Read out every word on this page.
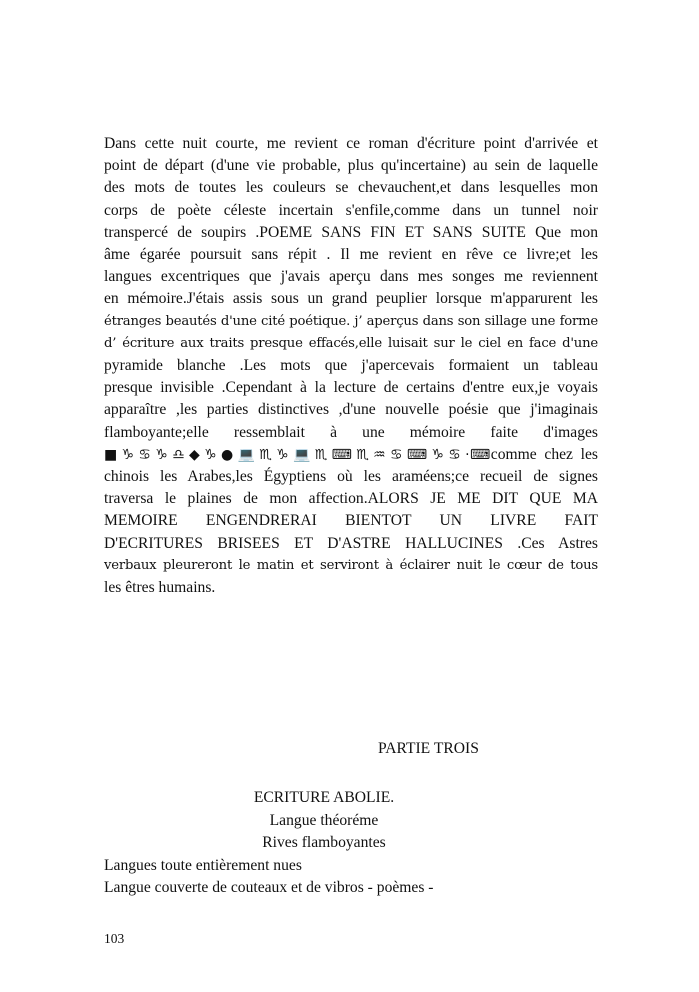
Dans cette nuit courte, me revient ce roman d'écriture point d'arrivée et
point de départ (d'une vie probable, plus qu'incertaine) au sein de laquelle
des mots de toutes les couleurs se chevauchent,et dans lesquelles mon
corps de poète céleste incertain s'enfile,comme dans un tunnel noir
transpercé de soupirs .POEME SANS FIN ET SANS SUITE Que mon
âme égarée poursuit sans répit . Il me revient en rêve ce livre;et les
langues excentriques que j'avais aperçu dans mes songes me reviennent
en mémoire.J'étais assis sous un grand peuplier lorsque m'apparurent les
étranges beautés d'une cité poétique. j’ aperçus dans son sillage une forme
d’ écriture aux traits presque effacés,elle luisait sur le ciel en face d'une
pyramide blanche .Les mots que j'apercevais formaient un tableau
presque invisible .Cependant à la lecture de certains d'entre eux,je voyais
apparaître ,les parties distinctives ,d'une nouvelle poésie que j'imaginais
flamboyante;elle ressemblait à une mémoire faite d'images
■♑♋♑♎◆♑●💻♏♑💻♏⌨♏♒♋⌨♑♋·⌨comme chez les
chinois les Arabes,les Égyptiens où les araméens;ce recueil de signes
traversa le plaines de mon affection.ALORS JE ME DIT QUE MA
MEMOIRE ENGENDRERAI BIENTOT UN LIVRE FAIT
D'ECRITURES BRISEES ET D'ASTRE HALLUCINES .Ces Astres
verbaux pleureront le matin et serviront à éclairer nuit le cœur de tous
les êtres humains.

PARTIE TROIS

ECRITURE ABOLIE.
Langue théoréme
Rives flamboyantes
Langues toute entièrement nues
Langue couverte de couteaux et de vibros - poèmes -

103
